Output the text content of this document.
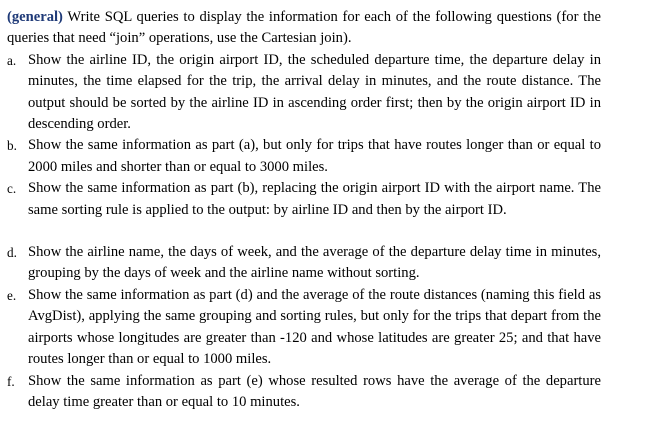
(general) Write SQL queries to display the information for each of the following questions (for the queries that need “join” operations, use the Cartesian join).

a. Show the airline ID, the origin airport ID, the scheduled departure time, the departure delay in minutes, the time elapsed for the trip, the arrival delay in minutes, and the route distance. The output should be sorted by the airline ID in ascending order first; then by the origin airport ID in descending order.
b. Show the same information as part (a), but only for trips that have routes longer than or equal to 2000 miles and shorter than or equal to 3000 miles.
c. Show the same information as part (b), replacing the origin airport ID with the airport name. The same sorting rule is applied to the output: by airline ID and then by the airport ID.
d. Show the airline name, the days of week, and the average of the departure delay time in minutes, grouping by the days of week and the airline name without sorting.
e. Show the same information as part (d) and the average of the route distances (naming this field as AvgDist), applying the same grouping and sorting rules, but only for the trips that depart from the airports whose longitudes are greater than -120 and whose latitudes are greater 25; and that have routes longer than or equal to 1000 miles.
f. Show the same information as part (e) whose resulted rows have the average of the departure delay time greater than or equal to 10 minutes.
